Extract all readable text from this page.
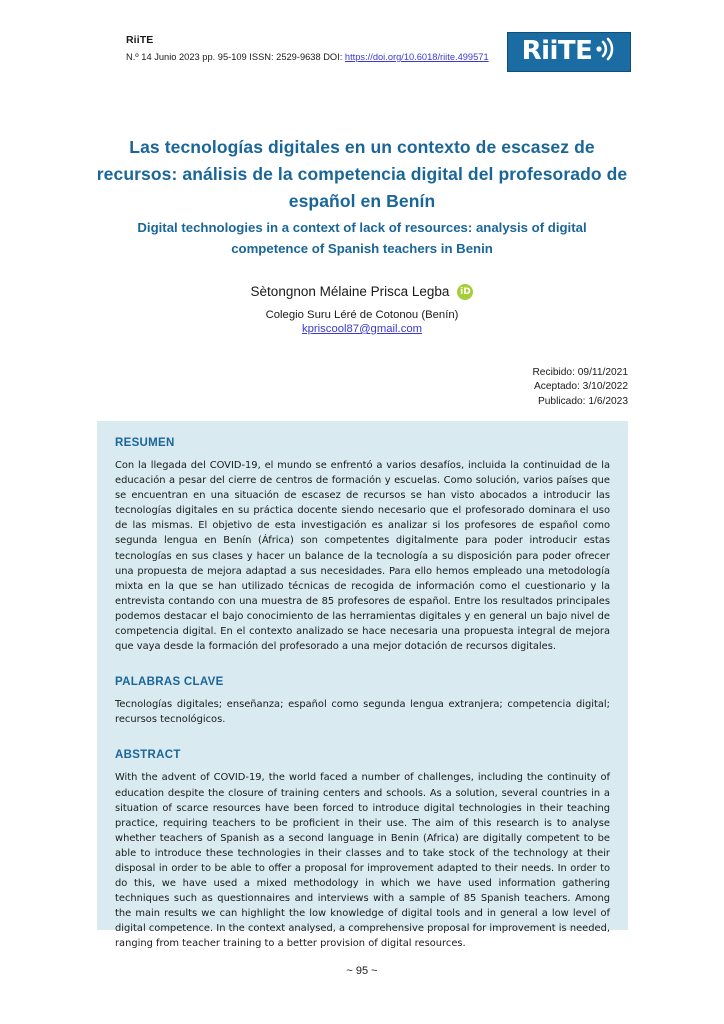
RiiTE
N.º 14 Junio 2023 pp. 95-109 ISSN: 2529-9638 DOI: https://doi.org/10.6018/riite.499571 RiiTE
Las tecnologías digitales en un contexto de escasez de recursos: análisis de la competencia digital del profesorado de español en Benín
Digital technologies in a context of lack of resources: analysis of digital competence of Spanish teachers in Benin
Sètongnon Mélaine Prisca Legba	iD
Colegio Suru Léré de Cotonou (Benín)
kpriscool87@gmail.com
Recibido: 09/11/2021
Aceptado: 3/10/2022
Publicado: 1/6/2023
RESUMEN

Con la llegada del COVID-19, el mundo se enfrentó a varios desafíos, incluida la continuidad de la educación a pesar del cierre de centros de formación y escuelas. Como solución, varios países que se encuentran en una situación de escasez de recursos se han visto abocados a introducir las tecnologías digitales en su práctica docente siendo necesario que el profesorado dominara el uso de las mismas. El objetivo de esta investigación es analizar si los profesores de español como segunda lengua en Benín (África) son competentes digitalmente para poder introducir estas tecnologías en sus clases y hacer un balance de la tecnología a su disposición para poder ofrecer una propuesta de mejora adaptad a sus necesidades. Para ello hemos empleado una metodología mixta en la que se han utilizado técnicas de recogida de información como el cuestionario y la entrevista contando con una muestra de 85 profesores de español. Entre los resultados principales podemos destacar el bajo conocimiento de las herramientas digitales y en general un bajo nivel de competencia digital. En el contexto analizado se hace necesaria una propuesta integral de mejora que vaya desde la formación del profesorado a una mejor dotación de recursos digitales.

PALABRAS CLAVE

Tecnologías digitales; enseñanza; español como segunda lengua extranjera; competencia digital; recursos tecnológicos.

ABSTRACT

With the advent of COVID-19, the world faced a number of challenges, including the continuity of education despite the closure of training centers and schools. As a solution, several countries in a situation of scarce resources have been forced to introduce digital technologies in their teaching practice, requiring teachers to be proficient in their use. The aim of this research is to analyse whether teachers of Spanish as a second language in Benin (Africa) are digitally competent to be able to introduce these technologies in their classes and to take stock of the technology at their disposal in order to be able to offer a proposal for improvement adapted to their needs. In order to do this, we have used a mixed methodology in which we have used information gathering techniques such as questionnaires and interviews with a sample of 85 Spanish teachers. Among the main results we can highlight the low knowledge of digital tools and in general a low level of digital competence. In the context analysed, a comprehensive proposal for improvement is needed, ranging from teacher training to a better provision of digital resources.

~ 95 ~
